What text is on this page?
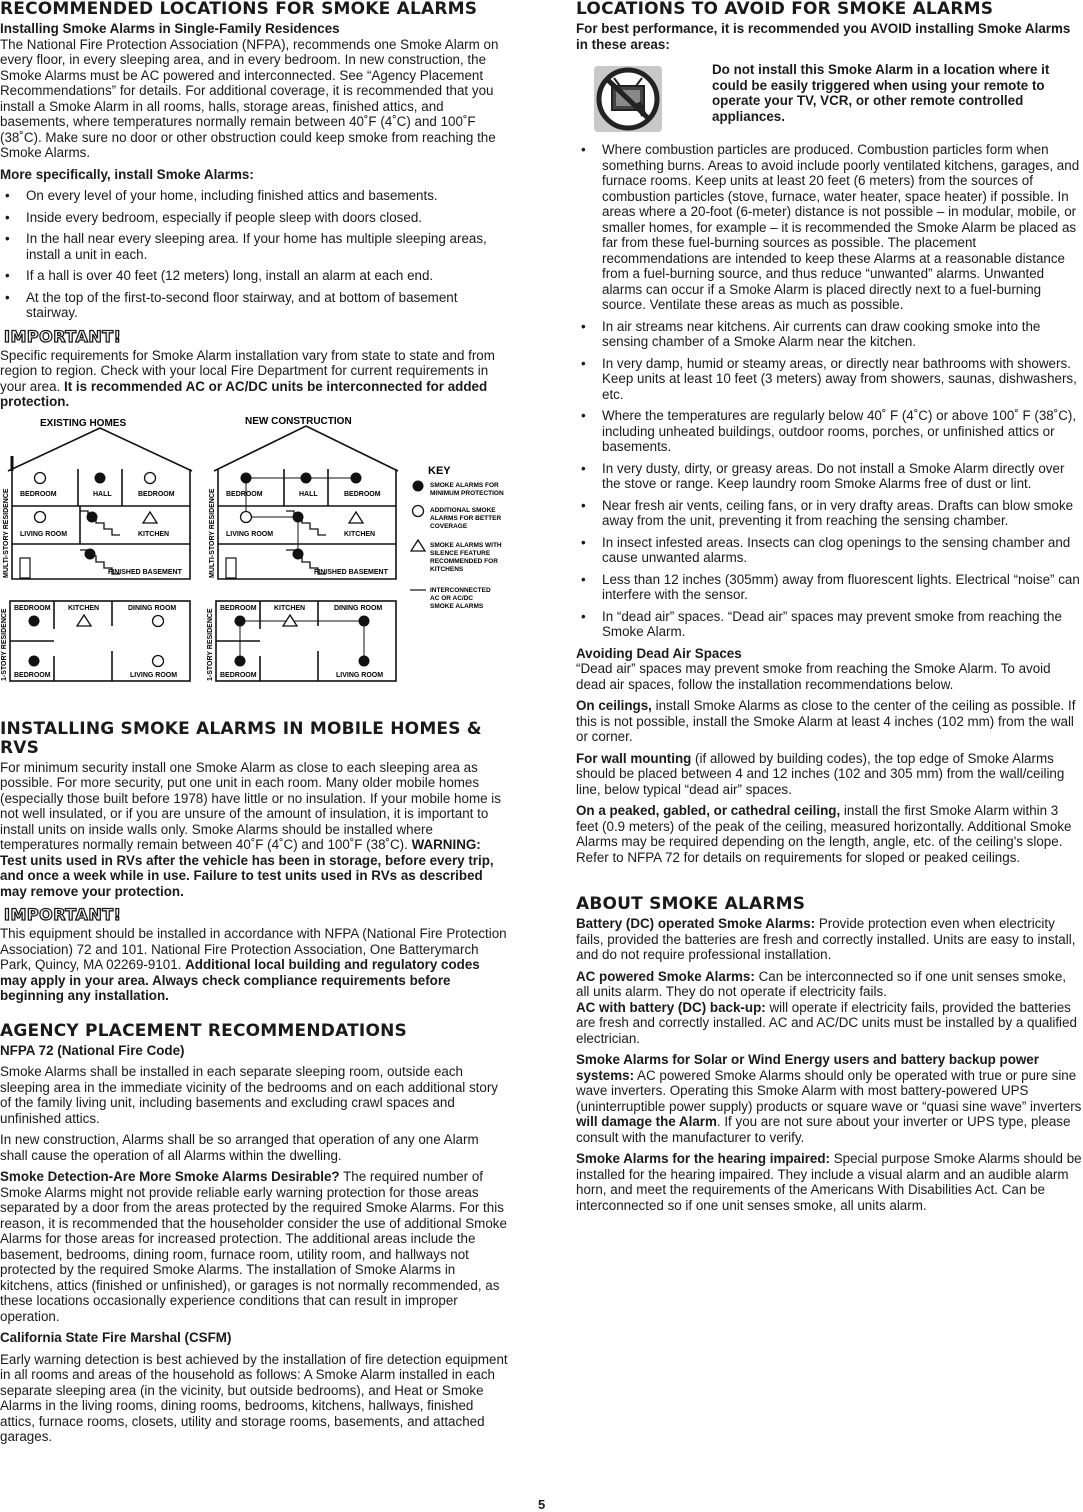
RECOMMENDED LOCATIONS FOR SMOKE ALARMS
Installing Smoke Alarms in Single-Family Residences

The National Fire Protection Association (NFPA), recommends one Smoke Alarm on every floor, in every sleeping area, and in every bedroom. In new construction, the Smoke Alarms must be AC powered and interconnected. See “Agency Placement Recommendations” for details. For additional coverage, it is recommended that you install a Smoke Alarm in all rooms, halls, storage areas, finished attics, and basements, where temperatures normally remain between 40˚F (4˚C) and 100˚F (38˚C). Make sure no door or other obstruction could keep smoke from reaching the Smoke Alarms.

More specifically, install Smoke Alarms:
• On every level of your home, including finished attics and basements.
• Inside every bedroom, especially if people sleep with doors closed.
• In the hall near every sleeping area. If your home has multiple sleeping areas, install a unit in each.
• If a hall is over 40 feet (12 meters) long, install an alarm at each end.
• At the top of the first-to-second floor stairway, and at bottom of basement stairway.
IMPORTANT!

Specific requirements for Smoke Alarm installation vary from state to state and from region to region. Check with your local Fire Department for current requirements in your area. It is recommended AC or AC/DC units be interconnected for added protection.

EXISTING HOMES	NEW CONSTRUCTION
MULTI-STORY RESIDENCE BEDROOM	HALL	BEDROOM
LIVING ROOM	KITCHEN
FINISHED BASEMENT	MULTI-STORY RESIDENCE BEDROOM	HALL	BEDROOM
LIVING ROOM	KITCHEN
FINISHED BASEMENT
1-STORY RESIDENCE BEDROOM KITCHEN	DINING ROOM
BEDROOM	LIVING ROOM	1-STORY RESIDENCE BEDROOM KITCHEN	DINING ROOM
BEDROOM	LIVING ROOM
KEY
SMOKE ALARMS FOR MINIMUM PROTECTION
ADDITIONAL SMOKE ALARMS FOR BETTER COVERAGE
SMOKE ALARMS WITH SILENCE FEATURE RECOMMENDED FOR KITCHENS
INTERCONNECTED AC OR AC/DC SMOKE ALARMS
INSTALLING SMOKE ALARMS IN MOBILE HOMES & RVS

For minimum security install one Smoke Alarm as close to each sleeping area as possible. For more security, put one unit in each room. Many older mobile homes (especially those built before 1978) have little or no insulation. If your mobile home is not well insulated, or if you are unsure of the amount of insulation, it is important to install units on inside walls only. Smoke Alarms should be installed where temperatures normally remain between 40˚F (4˚C) and 100˚F (38˚C). WARNING: Test units used in RVs after the vehicle has been in storage, before every trip, and once a week while in use. Failure to test units used in RVs as described may remove your protection.

IMPORTANT!

This equipment should be installed in accordance with NFPA (National Fire Protection Association) 72 and 101. National Fire Protection Association, One Batterymarch Park, Quincy, MA 02269-9101. Additional local building and regulatory codes may apply in your area. Always check compliance requirements before beginning any installation.

AGENCY PLACEMENT RECOMMENDATIONS
NFPA 72 (National Fire Code)

Smoke Alarms shall be installed in each separate sleeping room, outside each sleeping area in the immediate vicinity of the bedrooms and on each additional story of the family living unit, including basements and excluding crawl spaces and unfinished attics.

In new construction, Alarms shall be so arranged that operation of any one Alarm shall cause the operation of all Alarms within the dwelling.

Smoke Detection-Are More Smoke Alarms Desirable? The required number of Smoke Alarms might not provide reliable early warning protection for those areas separated by a door from the areas protected by the required Smoke Alarms. For this reason, it is recommended that the householder consider the use of additional Smoke Alarms for those areas for increased protection. The additional areas include the basement, bedrooms, dining room, furnace room, utility room, and hallways not protected by the required Smoke Alarms. The installation of Smoke Alarms in kitchens, attics (finished or unfinished), or garages is not normally recommended, as these locations occasionally experience conditions that can result in improper operation.

California State Fire Marshal (CSFM)

Early warning detection is best achieved by the installation of fire detection equipment in all rooms and areas of the household as follows: A Smoke Alarm installed in each separate sleeping area (in the vicinity, but outside bedrooms), and Heat or Smoke Alarms in the living rooms, dining rooms, bedrooms, kitchens, hallways, finished attics, furnace rooms, closets, utility and storage rooms, basements, and attached garages.

LOCATIONS TO AVOID FOR SMOKE ALARMS
For best performance, it is recommended you AVOID installing Smoke Alarms in these areas:
Do not install this Smoke Alarm in a location where it could be easily triggered when using your remote to operate your TV, VCR, or other remote controlled appliances.
• Where combustion particles are produced. Combustion particles form when something burns. Areas to avoid include poorly ventilated kitchens, garages, and furnace rooms. Keep units at least 20 feet (6 meters) from the sources of combustion particles (stove, furnace, water heater, space heater) if possible. In areas where a 20-foot (6-meter) distance is not possible – in modular, mobile, or smaller homes, for example – it is recommended the Smoke Alarm be placed as far from these fuel-burning sources as possible. The placement recommendations are intended to keep these Alarms at a reasonable distance from a fuel-burning source, and thus reduce “unwanted” alarms. Unwanted alarms can occur if a Smoke Alarm is placed directly next to a fuel-burning source. Ventilate these areas as much as possible.
• In air streams near kitchens. Air currents can draw cooking smoke into the sensing chamber of a Smoke Alarm near the kitchen.
• In very damp, humid or steamy areas, or directly near bathrooms with showers. Keep units at least 10 feet (3 meters) away from showers, saunas, dishwashers, etc.
• Where the temperatures are regularly below 40˚ F (4˚C) or above 100˚ F (38˚C), including unheated buildings, outdoor rooms, porches, or unfinished attics or basements.
• In very dusty, dirty, or greasy areas. Do not install a Smoke Alarm directly over the stove or range. Keep laundry room Smoke Alarms free of dust or lint.
• Near fresh air vents, ceiling fans, or in very drafty areas. Drafts can blow smoke away from the unit, preventing it from reaching the sensing chamber.
• In insect infested areas. Insects can clog openings to the sensing chamber and cause unwanted alarms.
• Less than 12 inches (305mm) away from fluorescent lights. Electrical “noise” can interfere with the sensor.
• In “dead air” spaces. “Dead air” spaces may prevent smoke from reaching the Smoke Alarm.
Avoiding Dead Air Spaces

“Dead air” spaces may prevent smoke from reaching the Smoke Alarm. To avoid dead air spaces, follow the installation recommendations below.

On ceilings, install Smoke Alarms as close to the center of the ceiling as possible. If this is not possible, install the Smoke Alarm at least 4 inches (102 mm) from the wall or corner.

For wall mounting (if allowed by building codes), the top edge of Smoke Alarms should be placed between 4 and 12 inches (102 and 305 mm) from the wall/ceiling line, below typical “dead air” spaces.

On a peaked, gabled, or cathedral ceiling, install the first Smoke Alarm within 3 feet (0.9 meters) of the peak of the ceiling, measured horizontally. Additional Smoke Alarms may be required depending on the length, angle, etc. of the ceiling's slope. Refer to NFPA 72 for details on requirements for sloped or peaked ceilings.

ABOUT SMOKE ALARMS

Battery (DC) operated Smoke Alarms: Provide protection even when electricity fails, provided the batteries are fresh and correctly installed. Units are easy to install, and do not require professional installation.

AC powered Smoke Alarms: Can be interconnected so if one unit senses smoke, all units alarm. They do not operate if electricity fails.

AC with battery (DC) back-up: will operate if electricity fails, provided the batteries are fresh and correctly installed. AC and AC/DC units must be installed by a qualified electrician.

Smoke Alarms for Solar or Wind Energy users and battery backup power systems: AC powered Smoke Alarms should only be operated with true or pure sine wave inverters. Operating this Smoke Alarm with most battery-powered UPS (uninterruptible power supply) products or square wave or “quasi sine wave” inverters will damage the Alarm. If you are not sure about your inverter or UPS type, please consult with the manufacturer to verify.

Smoke Alarms for the hearing impaired: Special purpose Smoke Alarms should be installed for the hearing impaired. They include a visual alarm and an audible alarm horn, and meet the requirements of the Americans With Disabilities Act. Can be interconnected so if one unit senses smoke, all units alarm.

5
